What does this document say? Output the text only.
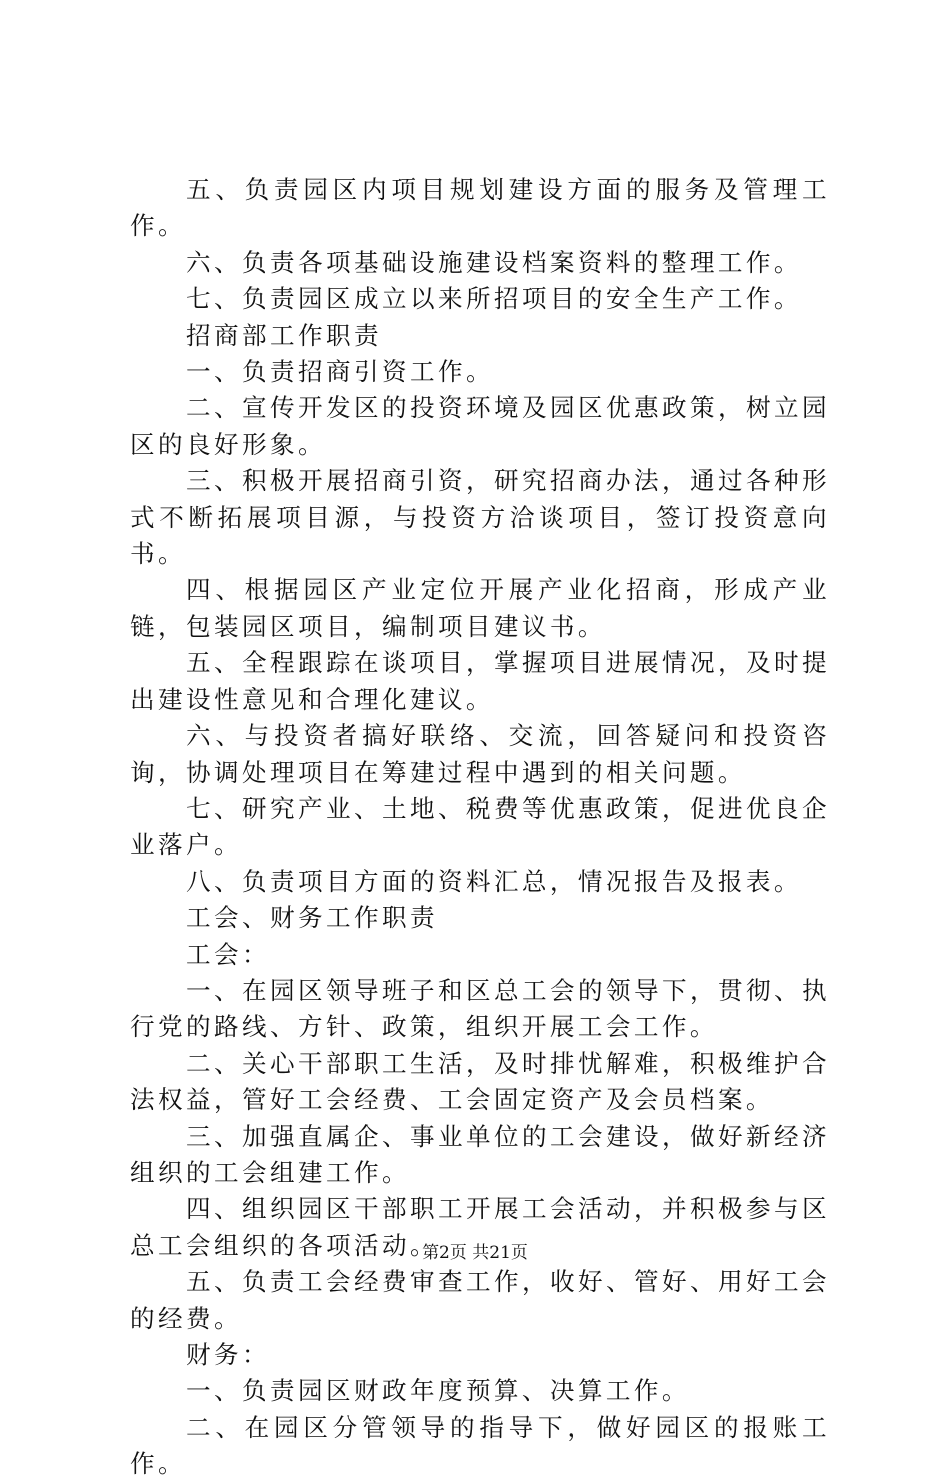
五、负责园区内项目规划建设方面的服务及管理工作。

六、负责各项基础设施建设档案资料的整理工作。

七、负责园区成立以来所招项目的安全生产工作。

招商部工作职责

一、负责招商引资工作。

二、宣传开发区的投资环境及园区优惠政策，树立园区的良好形象。

三、积极开展招商引资，研究招商办法，通过各种形式不断拓展项目源，与投资方洽谈项目，签订投资意向书。

四、根据园区产业定位开展产业化招商，形成产业链，包装园区项目，编制项目建议书。

五、全程跟踪在谈项目，掌握项目进展情况，及时提出建设性意见和合理化建议。

六、与投资者搞好联络、交流，回答疑问和投资咨询，协调处理项目在筹建过程中遇到的相关问题。

七、研究产业、土地、税费等优惠政策，促进优良企业落户。

八、负责项目方面的资料汇总，情况报告及报表。

工会、财务工作职责

工会：

一、在园区领导班子和区总工会的领导下，贯彻、执行党的路线、方针、政策，组织开展工会工作。

二、关心干部职工生活，及时排忧解难，积极维护合法权益，管好工会经费、工会固定资产及会员档案。

三、加强直属企、事业单位的工会建设，做好新经济组织的工会组建工作。

四、组织园区干部职工开展工会活动，并积极参与区总工会组织的各项活动。

五、负责工会经费审查工作，收好、管好、用好工会的经费。

财务：

一、负责园区财政年度预算、决算工作。

二、在园区分管领导的指导下，做好园区的报账工作。

第2页 共21页
